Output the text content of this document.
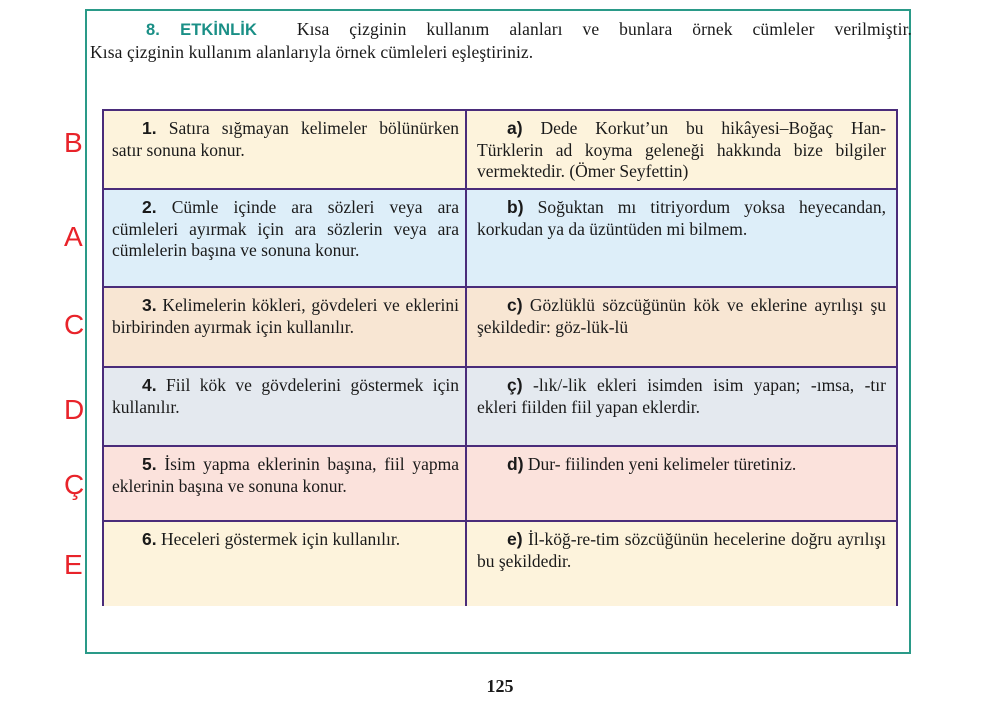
8. ETKİNLİK Kısa çizginin kullanım alanları ve bunlara örnek cümleler verilmiştir.
Kısa çizginin kullanım alanlarıyla örnek cümleleri eşleştiriniz.
1. Satıra sığmayan kelimeler bölünürken satır sonuna konur.
a) Dede Korkut’un bu hikâyesi–Boğaç Han- Türklerin ad koyma geleneği hakkında bize bilgiler vermektedir. (Ömer Seyfettin)
2. Cümle içinde ara sözleri veya ara cümleleri ayırmak için ara sözlerin veya ara cümlelerin başına ve sonuna konur.
b) Soğuktan mı titriyordum yoksa heyecandan, korkudan ya da üzüntüden mi bilmem.
3. Kelimelerin kökleri, gövdeleri ve eklerini birbirinden ayırmak için kullanılır.
c) Gözlüklü sözcüğünün kök ve eklerine ayrılışı şu şekildedir: göz-lük-lü
4. Fiil kök ve gövdelerini göstermek için kullanılır.
ç) -lık/-lik ekleri isimden isim yapan; -ımsa, -tır ekleri fiilden fiil yapan eklerdir.
5. İsim yapma eklerinin başına, fiil yapma eklerinin başına ve sonuna konur.
d) Dur- fiilinden yeni kelimeler türetiniz.
6. Heceleri göstermek için kullanılır.	e) İl-köğ-re-tim sözcüğünün hecelerine doğru ayrılışı bu şekildedir.
B
A
C
D
Ç
E
125
